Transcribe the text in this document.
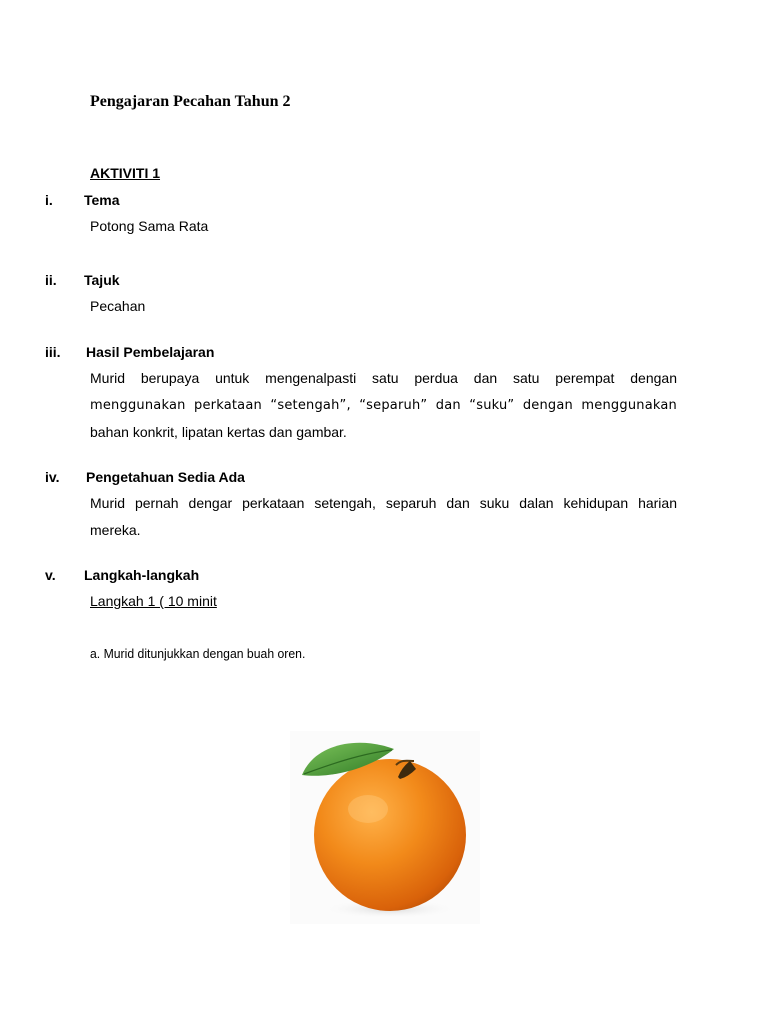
Pengajaran Pecahan Tahun 2

AKTIVITI 1

i. Tema

Potong Sama Rata

ii. Tajuk

Pecahan

iii. Hasil Pembelajaran

Murid berupaya untuk mengenalpasti satu perdua dan satu perempat dengan
menggunakan perkataan “setengah”, “separuh” dan “suku” dengan menggunakan
bahan konkrit, lipatan kertas dan gambar.
iv. Pengetahuan Sedia Ada

Murid pernah dengar perkataan setengah, separuh dan suku dalan kehidupan harian
mereka.
v. Langkah-langkah

Langkah 1 ( 10 minit

a. Murid ditunjukkan dengan buah oren.
